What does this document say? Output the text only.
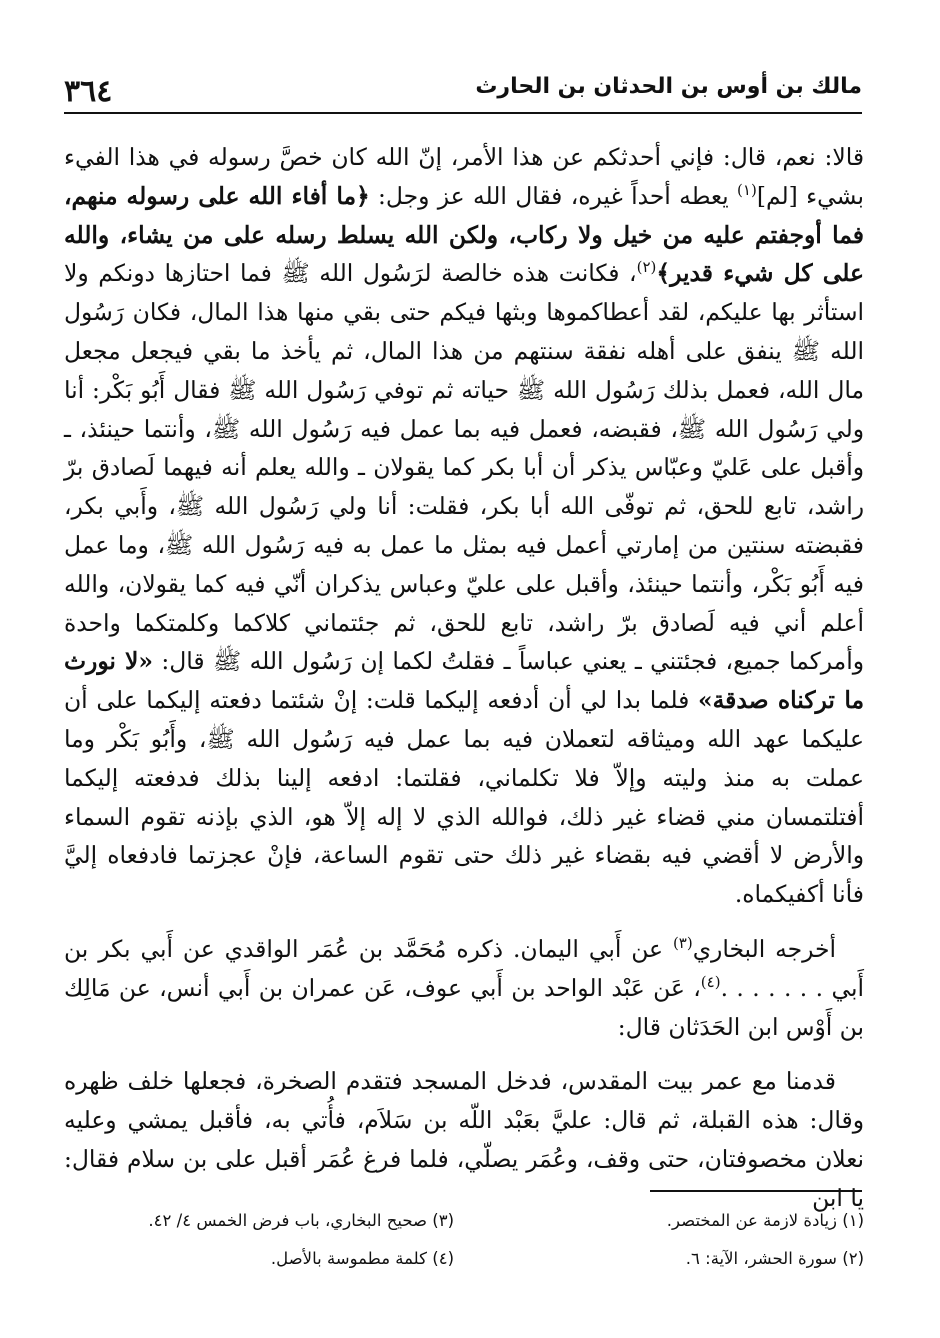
٣٦٤	مالك بن أوس بن الحدثان بن الحارث

قالا: نعم، قال: فإني أحدثكم عن هذا الأمر، إنّ الله كان خصَّ رسوله في هذا الفيء بشيء [لم]$^{(١)}$ يعطه أحداً غيره، فقال الله عز وجل: ﴿ما أفاء الله على رسوله منهم، فما أوجفتم عليه من خيل ولا ركاب، ولكن الله يسلط رسله على من يشاء، والله على كل شيء قدير﴾$^{(٢)}$، فكانت هذه خالصة لرَسُول الله ﷺ فما احتازها دونكم ولا استأثر بها عليكم، لقد أعطاكموها وبثها فيكم حتى بقي منها هذا المال، فكان رَسُول الله ﷺ ينفق على أهله نفقة سنتهم من هذا المال، ثم يأخذ ما بقي فيجعل مجعل مال الله، فعمل بذلك رَسُول الله ﷺ حياته ثم توفي رَسُول الله ﷺ فقال أَبُو بَكْر: أنا ولي رَسُول الله ﷺ، فقبضه، فعمل فيه بما عمل فيه رَسُول الله ﷺ، وأنتما حينئذ، ـ وأقبل على عَليّ وعبّاس يذكر أن أبا بكر كما يقولان ـ والله يعلم أنه فيهما لَصادق برّ راشد، تابع للحق، ثم توفّى الله أبا بكر، فقلت: أنا ولي رَسُول الله ﷺ، وأَبي بكر، فقبضته سنتين من إمارتي أعمل فيه بمثل ما عمل به فيه رَسُول الله ﷺ، وما عمل فيه أَبُو بَكْر، وأنتما حينئذ، وأقبل على عليّ وعباس يذكران أنّي فيه كما يقولان، والله أعلم أني فيه لَصادق برّ راشد، تابع للحق، ثم جئتماني كلاكما وكلمتكما واحدة وأمركما جميع، فجئتني ـ يعني عباساً ـ فقلتُ لكما إن رَسُول الله ﷺ قال: «لا نورث ما تركناه صدقة» فلما بدا لي أن أدفعه إليكما قلت: إنْ شئتما دفعته إليكما على أن عليكما عهد الله وميثاقه لتعملان فيه بما عمل فيه رَسُول الله ﷺ، وأَبُو بَكْر وما عملت به منذ وليته وإلاّ فلا تكلماني، فقلتما: ادفعه إلينا بذلك فدفعته إليكما أفتلتمسان مني قضاء غير ذلك، فوالله الذي لا إله إلاّ هو، الذي بإذنه تقوم السماء والأرض لا أقضي فيه بقضاء غير ذلك حتى تقوم الساعة، فإنْ عجزتما فادفعاه إليَّ فأنا أكفيكماه.

أخرجه البخاري$^{(٣)}$ عن أَبي اليمان. ذكره مُحَمَّد بن عُمَر الواقدي عن أَبي بكر بن أَبي . . . . . . .$^{(٤)}$، عَن عَبْد الواحد بن أَبي عوف، عَن عمران بن أَبي أنس، عن مَالِك بن أَوْس ابن الحَدَثان قال:

قدمنا مع عمر بيت المقدس، فدخل المسجد فتقدم الصخرة، فجعلها خلف ظهره وقال: هذه القبلة، ثم قال: عليَّ بعَبْد اللّه بن سَلاَم، فأُتي به، فأقبل يمشي وعليه نعلان مخصوفتان، حتى وقف، وعُمَر يصلّي، فلما فرغ عُمَر أقبل على بن سلام فقال: يا ابن

(١) زيادة لازمة عن المختصر.
(٢) سورة الحشر، الآية: ٦.
(٣) صحيح البخاري، باب فرض الخمس ٤/ ٤٢.
(٤) كلمة مطموسة بالأصل.
